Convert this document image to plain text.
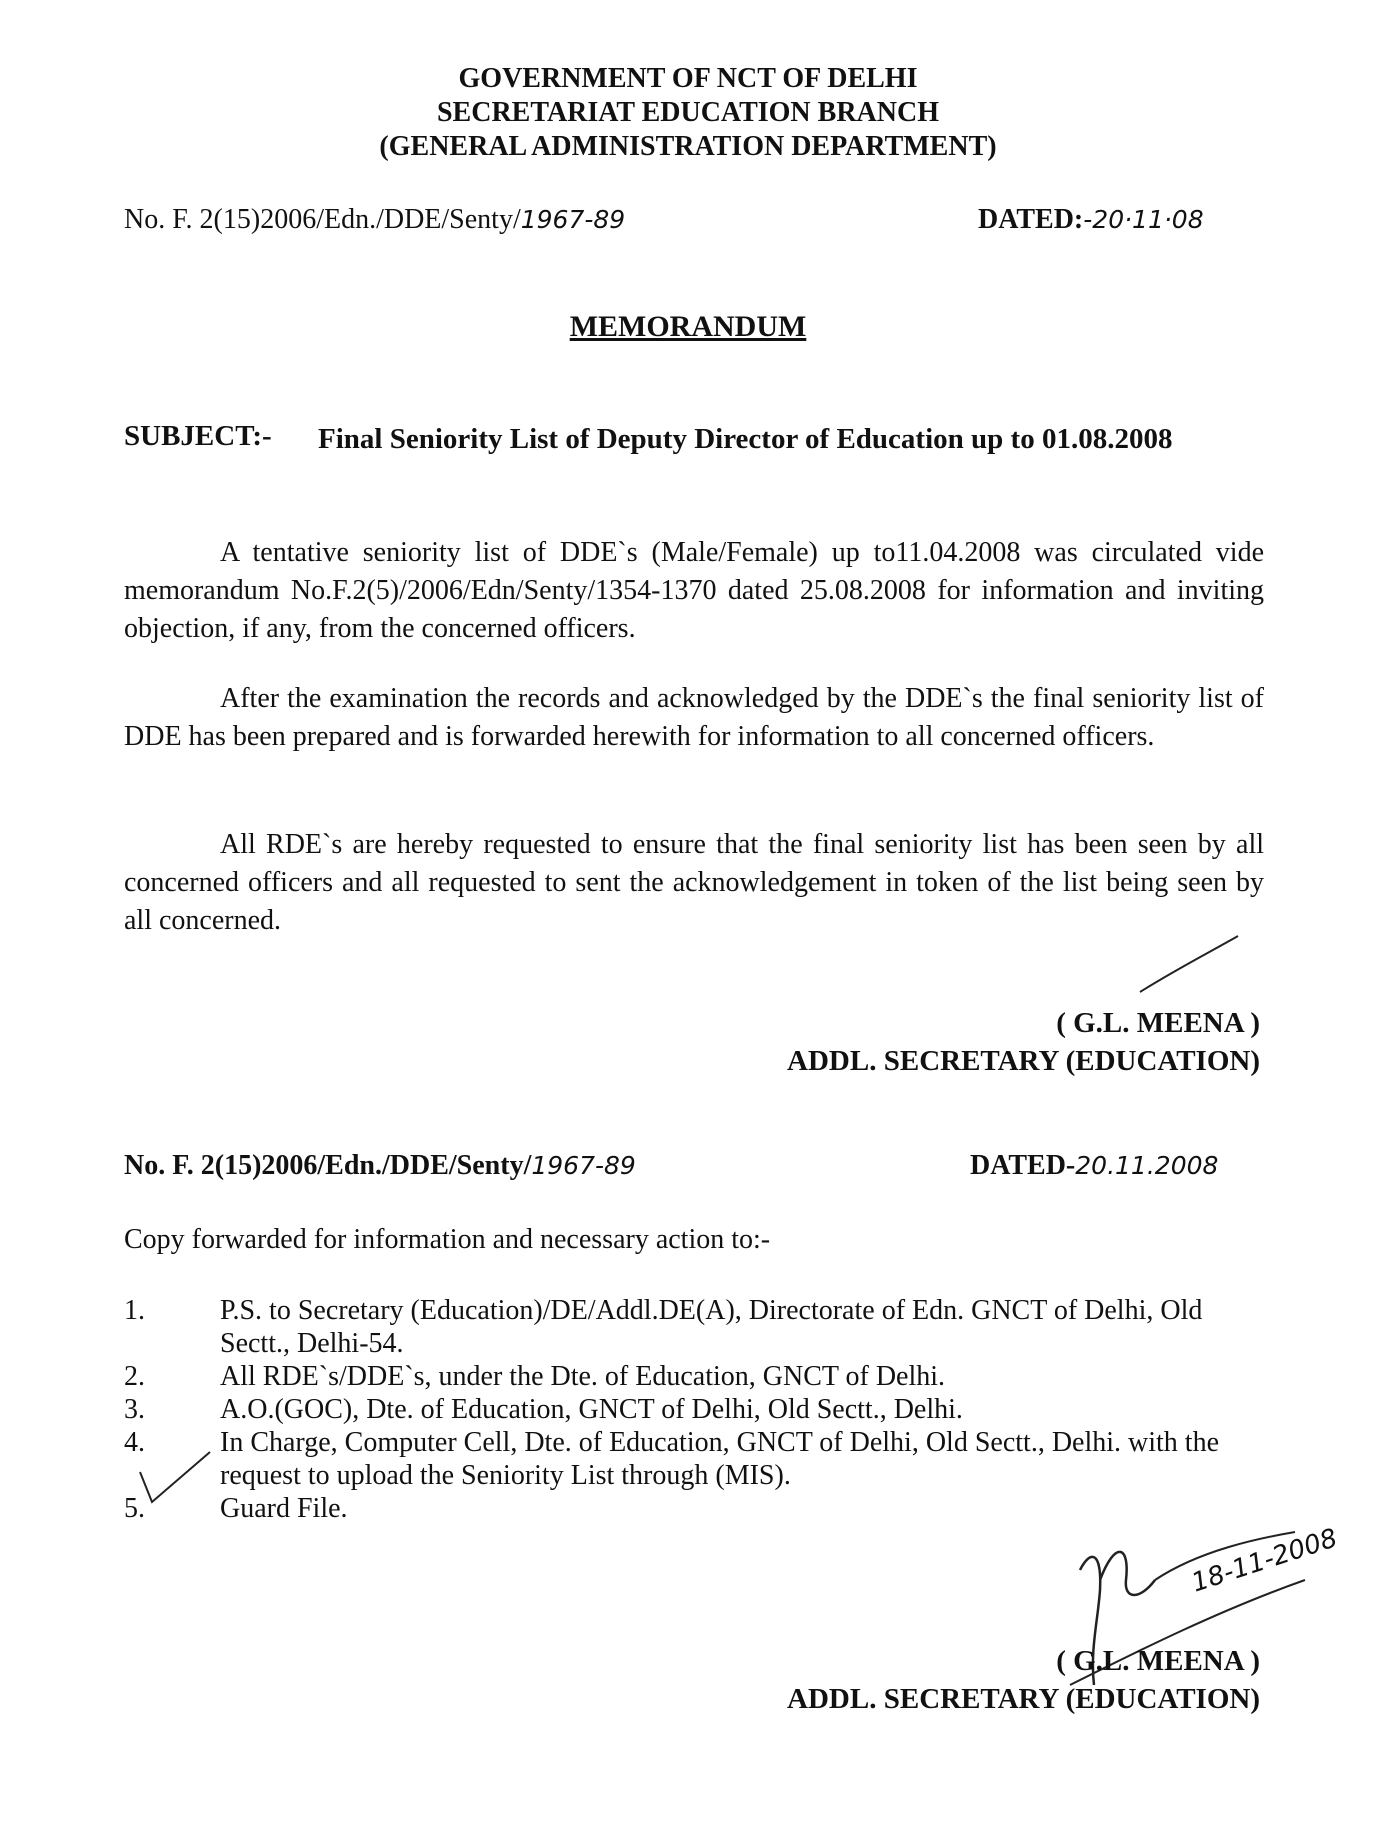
GOVERNMENT OF NCT OF DELHI
SECRETARIAT EDUCATION BRANCH
(GENERAL ADMINISTRATION DEPARTMENT)
No. F. 2(15)2006/Edn./DDE/Senty/1967-89	DATED:-20·11·08
MEMORANDUM
SUBJECT:- Final Seniority List of Deputy Director of Education up to 01.08.2008
A tentative seniority list of DDE`s (Male/Female) up to11.04.2008 was circulated vide memorandum No.F.2(5)/2006/Edn/Senty/1354-1370 dated 25.08.2008 for information and inviting objection, if any, from the concerned officers.
After the examination the records and acknowledged by the DDE`s the final seniority list of DDE has been prepared and is forwarded herewith for information to all concerned officers.
All RDE`s are hereby requested to ensure that the final seniority list has been seen by all concerned officers and all requested to sent the acknowledgement in token of the list being seen by all concerned.
( G.L. MEENA )
ADDL. SECRETARY (EDUCATION)
No. F. 2(15)2006/Edn./DDE/Senty/1967-89	DATED-20.11.2008
Copy forwarded for information and necessary action to:-
1.	P.S. to Secretary (Education)/DE/Addl.DE(A), Directorate of Edn. GNCT of Delhi, Old Sectt., Delhi-54.
2.	All RDE`s/DDE`s, under the Dte. of Education, GNCT of Delhi.
3.	A.O.(GOC), Dte. of Education, GNCT of Delhi, Old Sectt., Delhi.
4.	In Charge, Computer Cell, Dte. of Education, GNCT of Delhi, Old Sectt., Delhi. with the request to upload the Seniority List through (MIS).
5.	Guard File.
18-11-2008
( G.L. MEENA )
ADDL. SECRETARY (EDUCATION)
